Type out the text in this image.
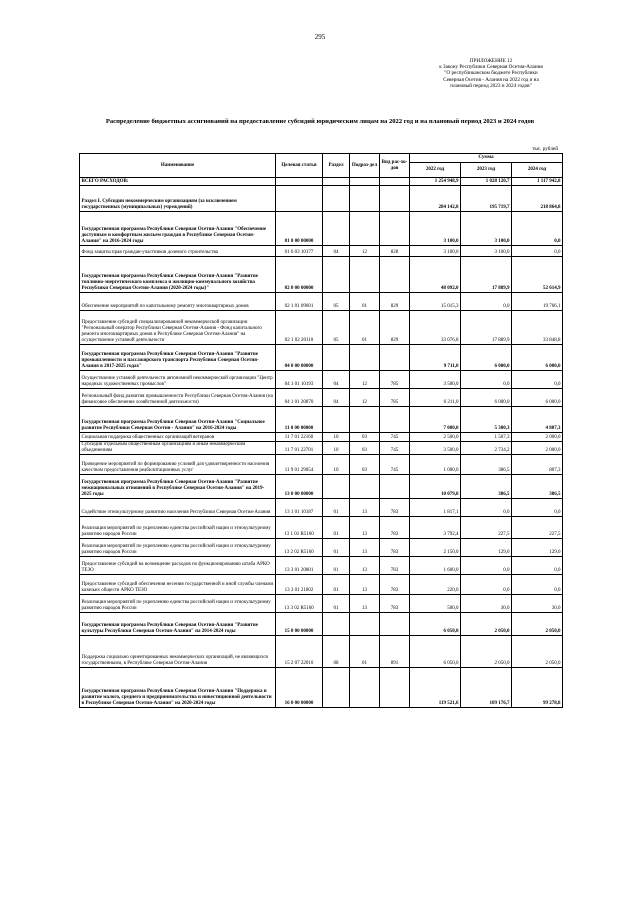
295
ПРИЛОЖЕНИЕ 12
к Закону Республики Северная Осетия-Алания
"О республиканском бюджете Республики
Северная Осетия - Алания на 2022 год и на
плановый период 2023 и 2024 годов"
Распределение бюджетных ассигнований на предоставление субсидий юридическим лицам на 2022 год и на плановый период 2023 и 2024 годов
тыс. рублей
Наименование	Целевая статья	Раздел	Подраз-дел	Вид рас-хо-дов	Сумма		
					2022 год	2023 год	2024 год
ВСЕГО РАСХОДОВ:					1 254 948,9	1 028 120,7	1 117 942,8
Раздел I. Субсидии некоммерческим организациям (за исключением государственных (муниципальных) учреждений)					284 142,8	195 719,7	218 864,8
Государственная программа Республики Северная Осетия-Алания "Обеспечение доступным и комфортным жильем граждан в Республике Северная Осетия-Алания" на 2016-2024 годы	01 0 00 00000				3 100,0	3 100,0	0,0
Фонд защиты прав граждан-участников долевого строительства	01 6 03 10177	04	12	828	3 100,0	3 100,0	0,0
Государственная программа Республики Северная Осетия-Алания "Развитие топливно-энергетического комплекса и жилищно-коммунального хозяйства Республики Северная Осетия-Алания (2020-2024 годы)"	02 0 00 00000				48 092,0	17 889,9	52 614,9
Обеспечение мероприятий по капитальному ремонту многоквартирных домов	02 1 01 09601	05	01	829	15 015,3	0,0	19 766,1
Предоставление субсидий специализированной некоммерческой организации "Региональный оператор Республики Северная Осетия-Алания - Фонд капитального ремонта многоквартирных домов в Республике Северная Осетия-Алания" на осуществление уставной деятельности	02 1 02 20110	05	01	829	33 076,8	17 889,9	33 848,8
Государственная программа Республики Северная Осетия-Алания "Развитие промышленности и пассажирского транспорта Республики Северная Осетия-Алания в 2017-2025 годах"	04 0 00 00000				9 711,0	6 000,0	6 000,0
Осуществление уставной деятельности автономной некоммерческой организации "Центр народных художественных промыслов"	04 1 01 10193	04	12	785	3 500,0	0,0	0,0
Региональный фонд развития промышленности Республики Северная Осетия-Алания (на финансовое обеспечение хозяйственной деятельности)	04 1 01 20870	04	12	785	6 211,0	6 000,0	6 000,0
Государственная программа Республики Северная Осетия-Алания "Социальное развитие Республики Северная Осетия - Алания" на 2016-2024 годы	11 0 00 00000				7 000,0	5 300,3	4 807,3
Социальная поддержка общественных организаций ветеранов	11 7 01 22160	10	03	745	2 500,0	1 567,3	2 000,0
Субсидии отдельным общественным организациям и иным некоммерческим объединениям	11 7 01 22701	10	03	745	3 500,0	2 734,2	2 000,0
Проведение мероприятий по формированию условий для удовлетворенности населения качеством предоставления реабилитационных услуг	11 9 01 29054	10	03	745	1 000,0	386,5	807,3
Государственная программа Республики Северная Осетия-Алания "Развитие межнациональных отношений в Республике Северная Осетия-Алания" на 2019-2025 годы	13 0 00 00000				10 079,8	386,5	386,5
Содействие этнокультурному развитию населения Республики Северная Осетия-Алания	13 1 01 10187	01	13	783	1 817,1	0,0	0,0
Реализация мероприятий по укреплению единства российской нации и этнокультурному развитию народов России	13 1 01 R5160	01	13	783	3 792,4	227,5	227,5
Реализация мероприятий по укреплению единства российской нации и этнокультурному развитию народов России	13 2 02 R5160	01	13	783	2 150,0	129,0	129,0
Предоставление субсидий на возмещение расходов по функционированию штаба АРКО ТЕЗО	13 3 01 20801	01	13	783	1 600,0	0,0	0,0
Предоставление субсидий обеспечения несения государственной и иной службы членами казачьих обществ АРКО ТЕЗО	13 3 01 21802	01	13	783	220,0	0,0	0,0
Реализация мероприятий по укреплению единства российской нации и этнокультурному развитию народов России	13 3 02 R5160	01	13	783	500,0	30,0	30,0
Государственная программа Республики Северная Осетия-Алания "Развитие культуры Республики Северная Осетия-Алания" на 2014-2024 годы	15 0 00 00000				6 050,0	2 050,0	2 050,0
Поддержка социально ориентированных некоммерческих организаций, не являющихся государственными, в Республике Северная Осетия-Алания	15 2 07 22010	08	01	891	6 050,0	2 050,0	2 050,0
Государственная программа Республики Северная Осетия-Алания "Поддержка и развитие малого, среднего и предпринимательства и инвестиционной деятельности в Республике Северная Осетия-Алания" на 2020-2024 годы	16 0 00 00000				119 521,6	109 176,7	99 278,8
